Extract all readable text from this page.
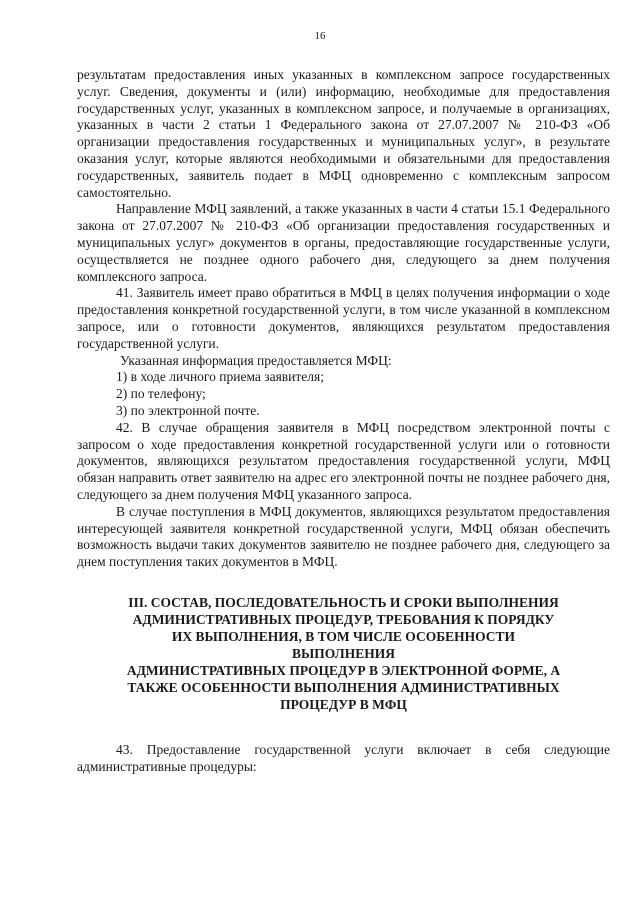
16

результатам предоставления иных указанных в комплексном запросе государственных услуг. Сведения, документы и (или) информацию, необходимые для предоставления государственных услуг, указанных в комплексном запросе, и получаемые в организациях, указанных в части 2 статьи 1 Федерального закона от 27.07.2007 № 210-ФЗ «Об организации предоставления государственных и муниципальных услуг», в результате оказания услуг, которые являются необходимыми и обязательными для предоставления государственных, заявитель подает в МФЦ одновременно с комплексным запросом самостоятельно.

Направление МФЦ заявлений, а также указанных в части 4 статьи 15.1 Федерального закона от 27.07.2007 № 210-ФЗ «Об организации предоставления государственных и муниципальных услуг» документов в органы, предоставляющие государственные услуги, осуществляется не позднее одного рабочего дня, следующего за днем получения комплексного запроса.

41. Заявитель имеет право обратиться в МФЦ в целях получения информации о ходе предоставления конкретной государственной услуги, в том числе указанной в комплексном запросе, или о готовности документов, являющихся результатом предоставления государственной услуги.

Указанная информация предоставляется МФЦ:

1) в ходе личного приема заявителя;

2) по телефону;

3) по электронной почте.

42. В случае обращения заявителя в МФЦ посредством электронной почты с запросом о ходе предоставления конкретной государственной услуги или о готовности документов, являющихся результатом предоставления государственной услуги, МФЦ обязан направить ответ заявителю на адрес его электронной почты не позднее рабочего дня, следующего за днем получения МФЦ указанного запроса.

В случае поступления в МФЦ документов, являющихся результатом предоставления интересующей заявителя конкретной государственной услуги, МФЦ обязан обеспечить возможность выдачи таких документов заявителю не позднее рабочего дня, следующего за днем поступления таких документов в МФЦ.

III. СОСТАВ, ПОСЛЕДОВАТЕЛЬНОСТЬ И СРОКИ ВЫПОЛНЕНИЯ
АДМИНИСТРАТИВНЫХ ПРОЦЕДУР, ТРЕБОВАНИЯ К ПОРЯДКУ
ИХ ВЫПОЛНЕНИЯ, В ТОМ ЧИСЛЕ ОСОБЕННОСТИ
ВЫПОЛНЕНИЯ
АДМИНИСТРАТИВНЫХ ПРОЦЕДУР В ЭЛЕКТРОННОЙ ФОРМЕ, А
ТАКЖЕ ОСОБЕННОСТИ ВЫПОЛНЕНИЯ АДМИНИСТРАТИВНЫХ
ПРОЦЕДУР В МФЦ

43. Предоставление государственной услуги включает в себя следующие административные процедуры:
